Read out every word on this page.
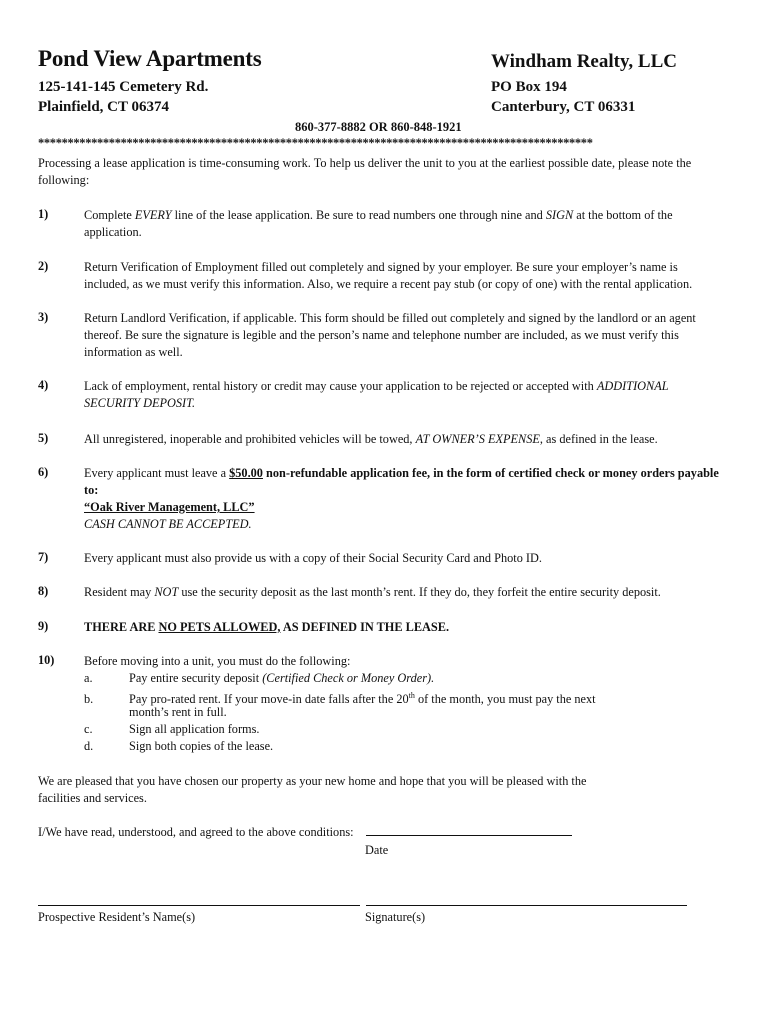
Pond View Apartments	Windham Realty, LLC
125-141-145 Cemetery Rd.	PO Box 194
Plainfield, CT 06374	Canterbury, CT 06331
860-377-8882 OR 860-848-1921
**********************************************************************************************
Processing a lease application is time-consuming work. To help us deliver the unit to you at the earliest possible date, please note the following:
1)	Complete EVERY line of the lease application. Be sure to read numbers one through nine and SIGN at the bottom of the application.
2)	Return Verification of Employment filled out completely and signed by your employer. Be sure your employer’s name is included, as we must verify this information. Also, we require a recent pay stub (or copy of one) with the rental application.
3)	Return Landlord Verification, if applicable. This form should be filled out completely and signed by the landlord or an agent thereof. Be sure the signature is legible and the person’s name and telephone number are included, as we must verify this information as well.
4)	Lack of employment, rental history or credit may cause your application to be rejected or accepted with ADDITIONAL SECURITY DEPOSIT.
5)	All unregistered, inoperable and prohibited vehicles will be towed, AT OWNER’S EXPENSE, as defined in the lease.
6)	Every applicant must leave a $50.00 non-refundable application fee, in the form of certified check or money orders payable to:
“Oak River Management, LLC”
CASH CANNOT BE ACCEPTED.
7)	Every applicant must also provide us with a copy of their Social Security Card and Photo ID.
8)	Resident may NOT use the security deposit as the last month’s rent. If they do, they forfeit the entire security deposit.
9)	THERE ARE NO PETS ALLOWED, AS DEFINED IN THE LEASE.
10) Before moving into a unit, you must do the following:
a.	Pay entire security deposit (Certified Check or Money Order).
b.	Pay pro-rated rent. If your move-in date falls after the 20th of the month, you must pay the next
month’s rent in full.
c.	Sign all application forms.
d.	Sign both copies of the lease.
We are pleased that you have chosen our property as your new home and hope that you will be pleased with the facilities and services.
I/We have read, understood, and agreed to the above conditions:
Date
Prospective Resident’s Name(s)	Signature(s)
